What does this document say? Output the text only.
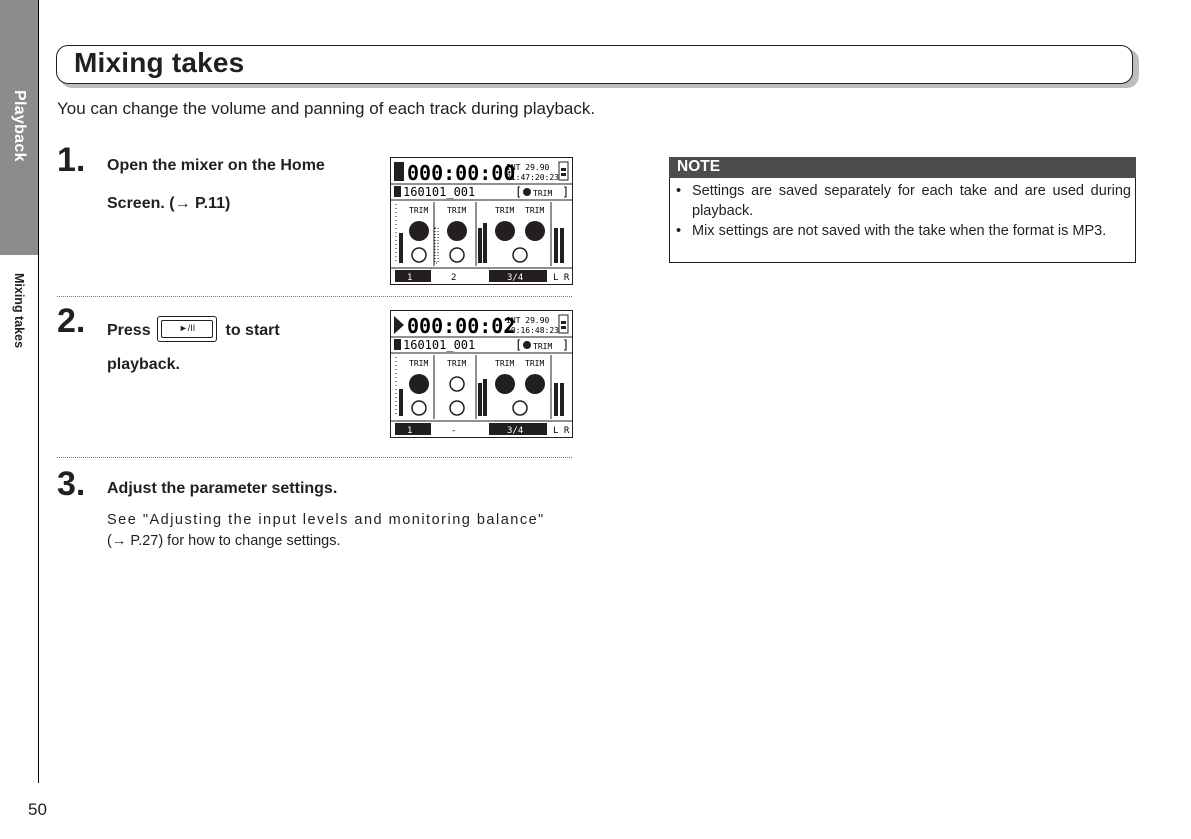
Playback
Mixing takes
50
Mixing takes
You can change the volume and panning of each track during playback.
1. Open the mixer on the Home
Screen. (→ P.11)
2. Press	►/II	to start
playback.
3. Adjust the parameter settings.
See "Adjusting the input levels and monitoring balance"
(→ P.27) for how to change settings.
000:00:00
INT 29.90
01:47:20:23
160101_001	[ TRIM ]
TRIM TRIM	TRIM TRIM
1	2	3/4	L R
000:00:02
INT 29.90
00:16:48:23
160101_001	[ TRIM ]
TRIM TRIM	TRIM TRIM
1	-	3/4	L R
NOTE
• Settings are saved separately for each take and are used during playback.
• Mix settings are not saved with the take when the format is MP3.
